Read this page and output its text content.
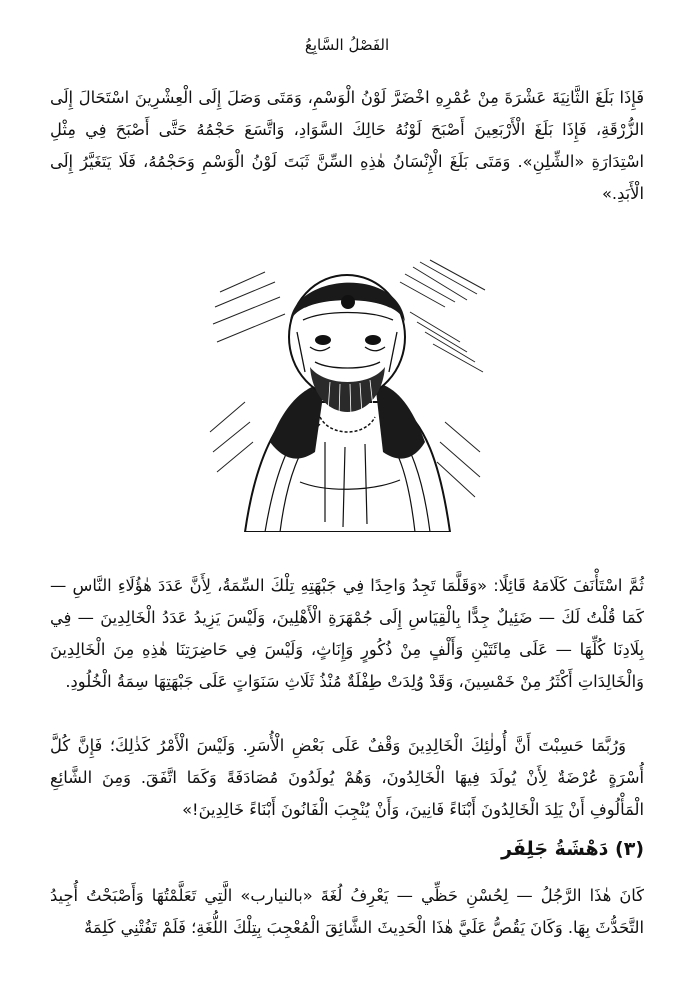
الفَصْلُ السَّابِعُ

فَإِذَا بَلَغَ الثَّانِيَةَ عَشْرَةَ مِنْ عُمْرِهِ اخْضَرَّ لَوْنُ الْوَسْمِ، وَمَتَى وَصَلَ إِلَى الْعِشْرِينَ اسْتَحَالَ إِلَى الزُّرْقَةِ، فَإِذَا بَلَغَ الْأَرْبَعِينَ أَصْبَحَ لَوْنُهُ حَالِكَ السَّوَادِ، وَاتَّسَعَ حَجْمُهُ حَتَّى أَصْبَحَ فِي مِثْلِ اسْتِدَارَةِ «الشِّلِنِ». وَمَتَى بَلَغَ الْإِنْسَانُ هٰذِهِ السِّنَّ ثَبَتَ لَوْنُ الْوَسْمِ وَحَجْمُهُ، فَلَا يَتَغَيَّرُ إِلَى الْأَبَدِ.»

ثُمَّ اسْتَأْنَفَ كَلَامَهُ قَائِلًا: «وَقَلَّمَا تَجِدُ وَاحِدًا فِي جَبْهَتِهِ تِلْكَ السِّمَةُ، لِأَنَّ عَدَدَ هٰؤُلَاءِ النَّاسِ — كَمَا قُلْتُ لَكَ — ضَئِيلٌ جِدًّا بِالْقِيَاسِ إِلَى جُمْهَرَةِ الْأَهْلِينَ، وَلَيْسَ يَزِيدُ عَدَدُ الْخَالِدِينَ — فِي بِلَادِنَا كُلِّهَا — عَلَى مِائَتَيْنِ وَأَلْفٍ مِنْ ذُكُورٍ وَإِنَاثٍ، وَلَيْسَ فِي حَاضِرَتِنَا هٰذِهِ مِنَ الْخَالِدِينَ وَالْخَالِدَاتِ أَكْثَرُ مِنْ خَمْسِينَ، وَقَدْ وُلِدَتْ طِفْلَةٌ مُنْذُ ثَلَاثِ سَنَوَاتٍ عَلَى جَبْهَتِهَا سِمَةُ الْخُلُودِ.

وَرُبَّمَا حَسِبْتَ أَنَّ أُولٰئِكَ الْخَالِدِينَ وَقْفٌ عَلَى بَعْضِ الْأُسَرِ. وَلَيْسَ الْأَمْرُ كَذٰلِكَ؛ فَإِنَّ كُلَّ أُسْرَةٍ عُرْضَةٌ لِأَنْ يُولَدَ فِيهَا الْخَالِدُونَ، وَهُمْ يُولَدُونَ مُصَادَفَةً وَكَمَا اتَّفَقَ. وَمِنَ الشَّائِعِ الْمَأْلُوفِ أَنْ يَلِدَ الْخَالِدُونَ أَبْنَاءً فَانِينَ، وَأَنْ يُنْجِبَ الْفَانُونَ أَبْنَاءً خَالِدِينَ!»

(٣) دَهْشَةُ جَلِفَر

كَانَ هٰذَا الرَّجُلُ — لِحُسْنِ حَظِّي — يَعْرِفُ لُغَةَ «بالنيارب» الَّتِي تَعَلَّمْتُهَا وَأَصْبَحْتُ أُجِيدُ التَّحَدُّثَ بِهَا. وَكَانَ يَقُصُّ عَلَيَّ هٰذَا الْحَدِيثَ الشَّائِقَ الْمُعْجِبَ بِتِلْكَ اللُّغَةِ؛ فَلَمْ تَفُتْنِي كَلِمَةٌ
